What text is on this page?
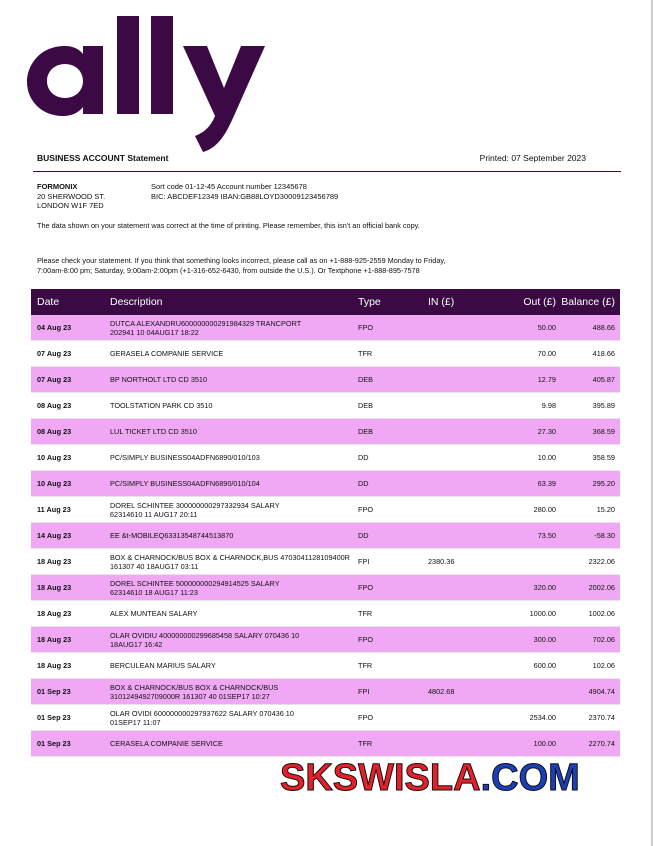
BUSINESS ACCOUNT Statement	Printed: 07 September 2023
FORMONIX
20 SHERWOOD ST.
LONDON W1F 7ED
Sort code 01-12-45 Account number 12345678
BIC: ABCDEF12349 IBAN:GB88LOYD30009123456789
The data shown on your statement was correct at the time of printing. Please remember, this isn't an official bank copy.
Please check your statement. If you think that something looks incorrect, please call as on +1-888-925-2559 Monday to Friday, 7:00am-8:00 pm; Saturday, 9:00am-2:00pm (+1-316-652-6430, from outside the U.S.). Or Textphone +1-888-895-7578
Date	Description	Type	IN (£)	Out (£)	Balance (£)
04 Aug 23	DUTCA ALEXANDRU600000000291984329 TRANCPORT
202941 10 04AUG17 18:22	FPO		50.00	488.66
07 Aug 23	GERASELA COMPANIE SERVICE	TFR		70.00	418.66
07 Aug 23	BP NORTHOLT LTD CD 3510	DEB		12.79	405.87
08 Aug 23	TOOLSTATION PARK CD 3510	DEB		9.98	395.89
08 Aug 23	LUL TICKET LTD CD 3510	DEB		27.30	368.59
10 Aug 23	PC/SIMPLY BUSINESS04ADFN6890/010/103	DD		10.00	358.59
10 Aug 23	PC/SIMPLY BUSINESS04ADFN6890/010/104	DD		63.39	295.20
11 Aug 23	DOREL SCHINTEE 300000000297332934 SALARY
62314610 11 AUG17 20:11	FPO		280.00	15.20
14 Aug 23	EE &t-MOBILEQ63313548744513870	DD		73.50	-58.30
18 Aug 23	BOX & CHARNOCK/BUS BOX & CHARNOCK,BUS 4703041128109400R
161307 40 18AUG17 03:11	FPI	2380.36		2322.06
18 Aug 23	DOREL SCHINTEE 500000000294914525 SALARY
62314610 18 AUG17 11:23	FPO		320.00	2002.06
18 Aug 23	ALEX MUNTEAN SALARY	TFR		1000.00	1002.06
18 Aug 23	OLAR OVIDIU 400000000299685458 SALARY 070436 10
18AUG17 16:42	FPO		300.00	702.06
18 Aug 23	BERCULEAN MARIUS SALARY	TFR		600.00	102.06
01 Sep 23	BOX & CHARNOCK/BUS BOX & CHARNOCK/BUS
3101249492709000R 161307 40 01SEP17 10:27	FPI	4802.68		4904.74
01 Sep 23	OLAR OVIDI 600000000297937622 SALARY 070436 10
01SEP17 11:07	FPO		2534.00	2370.74
01 Sep 23	CERASELA COMPANIE SERVICE	TFR		100.00	2270.74
SKSWISLA.COM
